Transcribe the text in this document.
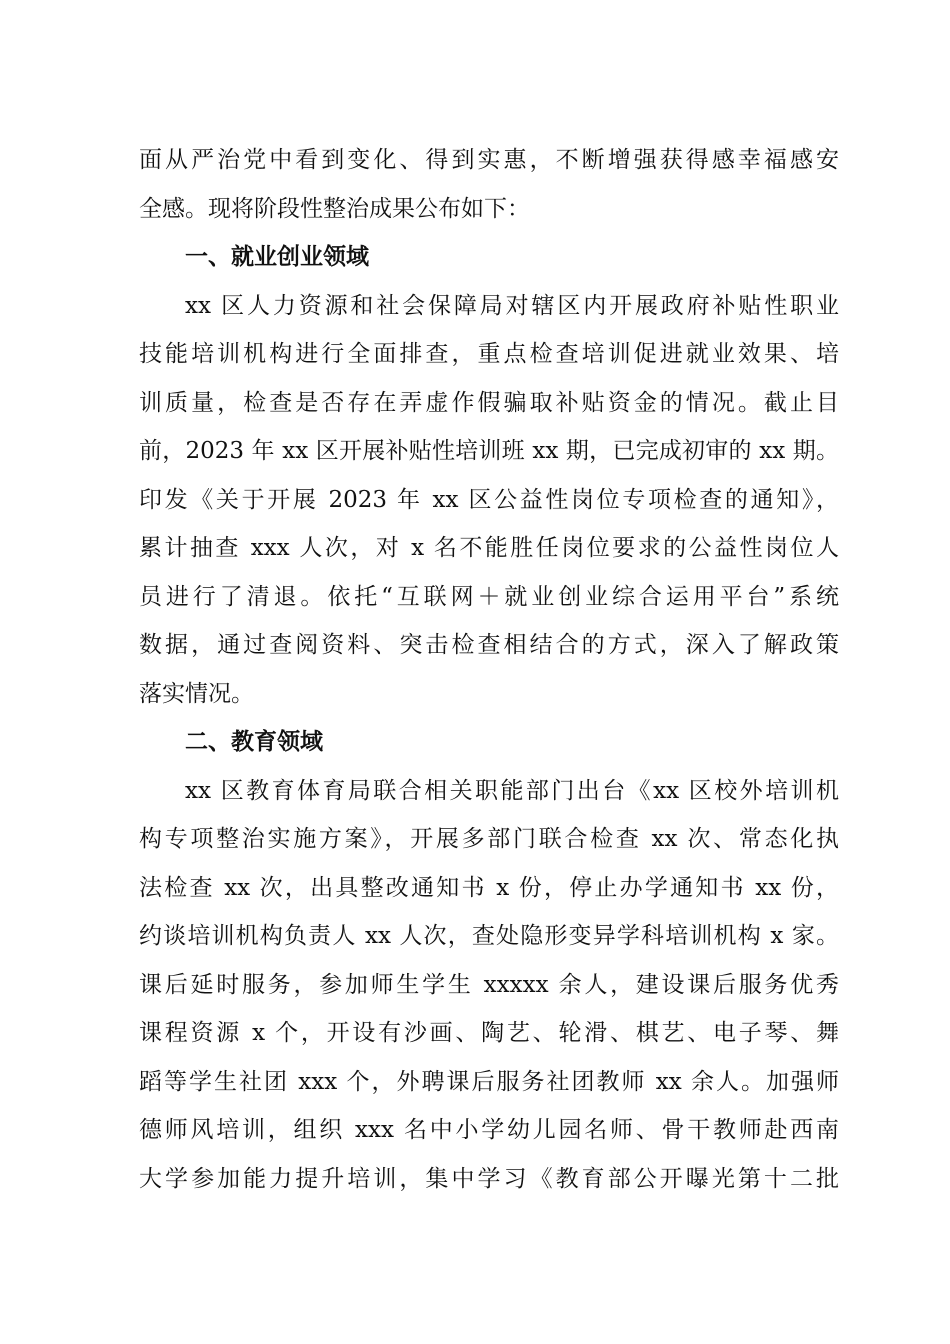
面从严治党中看到变化、得到实惠，不断增强获得感幸福感安
全感。现将阶段性整治成果公布如下：
一、就业创业领域
xx 区人力资源和社会保障局对辖区内开展政府补贴性职业
技能培训机构进行全面排查，重点检查培训促进就业效果、培
训质量，检查是否存在弄虚作假骗取补贴资金的情况。截止目
前，2023 年 xx 区开展补贴性培训班 xx 期，已完成初审的 xx 期。
印发《关于开展 2023 年 xx 区公益性岗位专项检查的通知》，
累计抽查 xxx 人次，对 x 名不能胜任岗位要求的公益性岗位人
员进行了清退。依托“互联网＋就业创业综合运用平台”系统
数据，通过查阅资料、突击检查相结合的方式，深入了解政策
落实情况。
二、教育领域
xx 区教育体育局联合相关职能部门出台《xx 区校外培训机
构专项整治实施方案》，开展多部门联合检查 xx 次、常态化执
法检查 xx 次，出具整改通知书 x 份，停止办学通知书 xx 份，
约谈培训机构负责人 xx 人次，查处隐形变异学科培训机构 x 家。
课后延时服务，参加师生学生 xxxxx 余人，建设课后服务优秀
课程资源 x 个，开设有沙画、陶艺、轮滑、棋艺、电子琴、舞
蹈等学生社团 xxx 个，外聘课后服务社团教师 xx 余人。加强师
德师风培训，组织 xxx 名中小学幼儿园名师、骨干教师赴西南
大学参加能力提升培训，集中学习《教育部公开曝光第十二批
